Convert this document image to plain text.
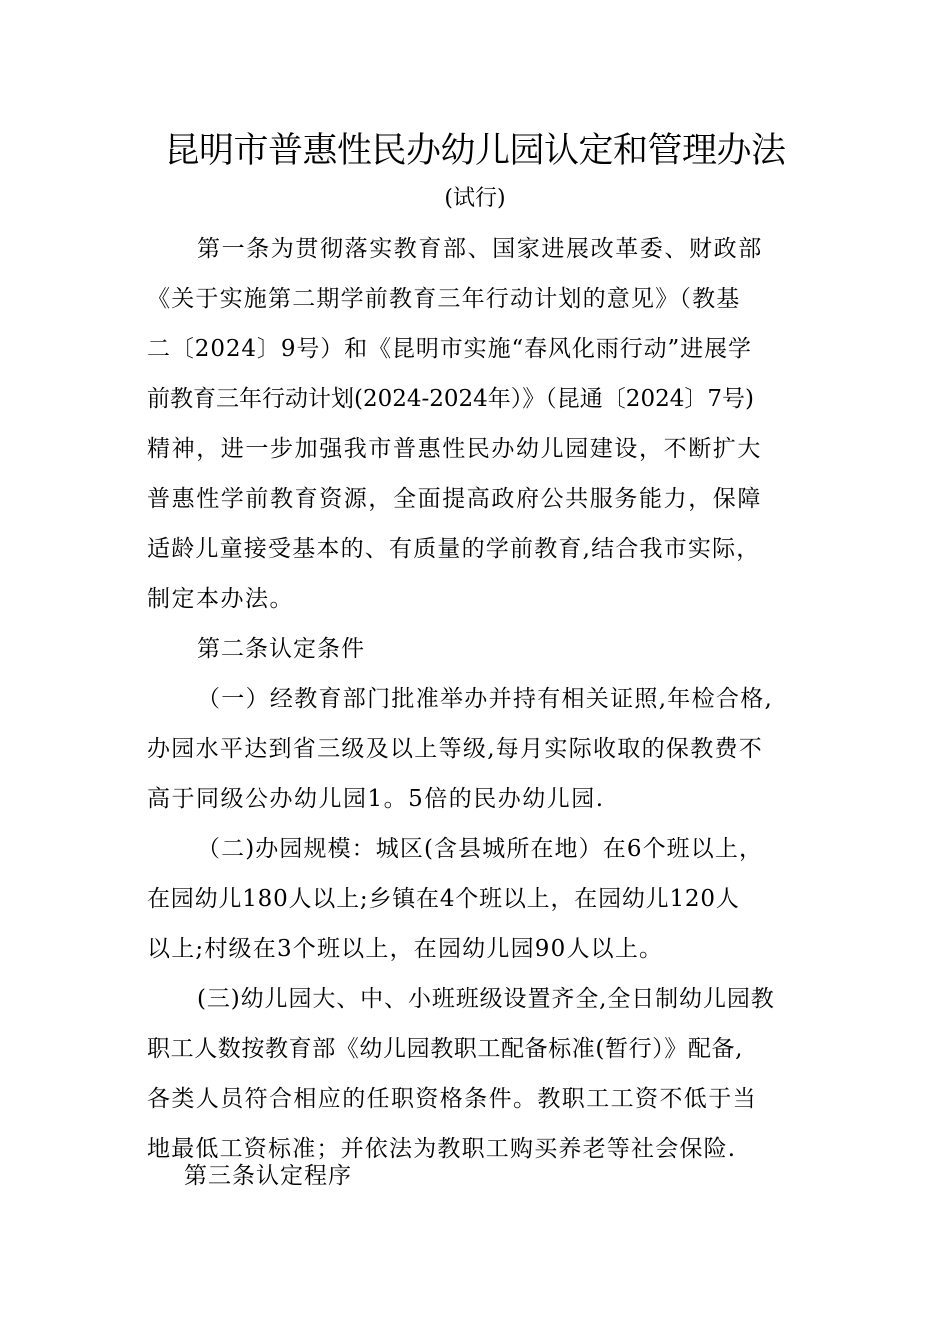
昆明市普惠性民办幼儿园认定和管理办法
(试行)
第一条为贯彻落实教育部、国家进展改革委、财政部
《关于实施第二期学前教育三年行动计划的意见》（教基
二〔2024〕9号）和《昆明市实施“春风化雨行动”进展学
前教育三年行动计划(2024-2024年）》（昆通〔2024〕7号)
精神，进一步加强我市普惠性民办幼儿园建设，不断扩大
普惠性学前教育资源，全面提高政府公共服务能力，保障
适龄儿童接受基本的、有质量的学前教育,结合我市实际，
制定本办法。
第二条认定条件
（一）经教育部门批准举办并持有相关证照,年检合格,
办园水平达到省三级及以上等级,每月实际收取的保教费不
高于同级公办幼儿园1。5倍的民办幼儿园.
（二)办园规模：城区(含县城所在地）在6个班以上，
在园幼儿180人以上;乡镇在4个班以上，在园幼儿120人
以上;村级在3个班以上，在园幼儿园90人以上。
(三)幼儿园大、中、小班班级设置齐全,全日制幼儿园教
职工人数按教育部《幼儿园教职工配备标准(暂行）》配备,
各类人员符合相应的任职资格条件。教职工工资不低于当
地最低工资标准；并依法为教职工购买养老等社会保险.
第三条认定程序
